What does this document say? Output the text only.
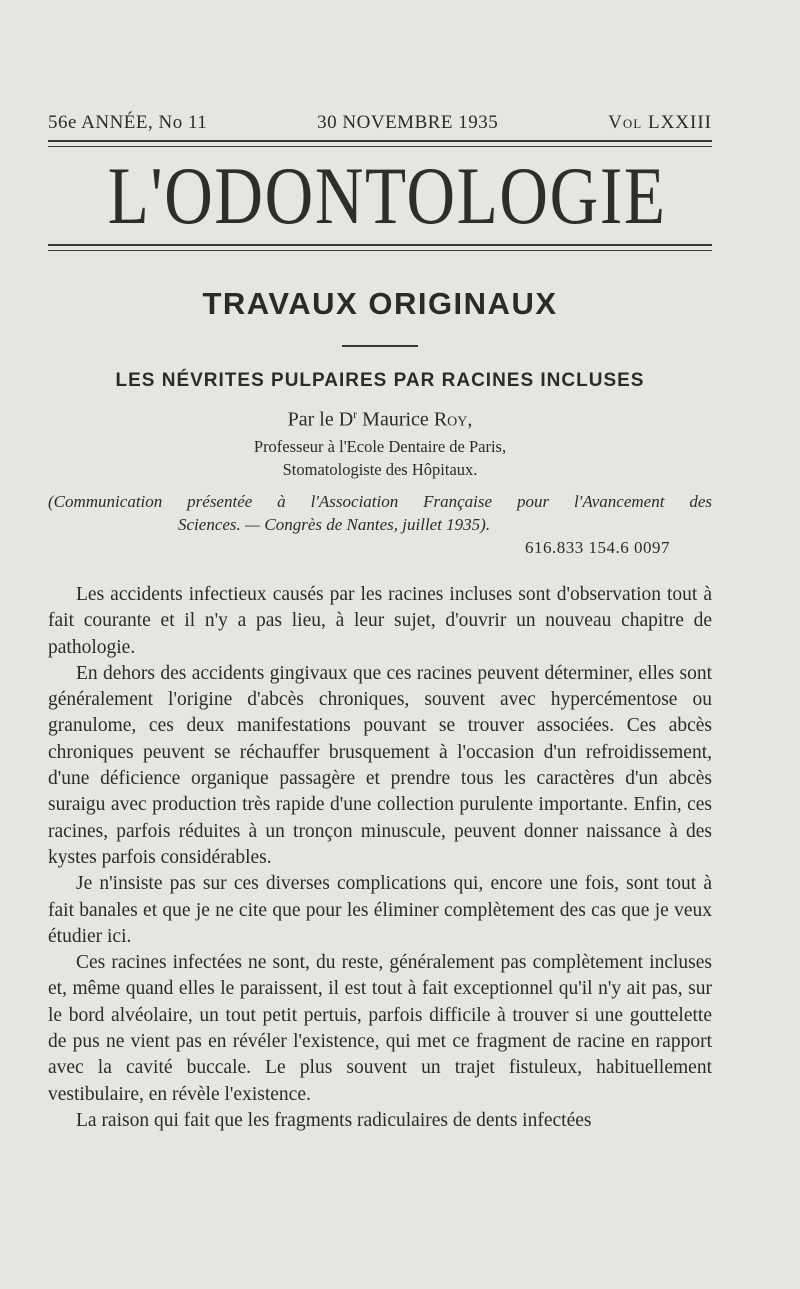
56e ANNÉE, No 11	30 NOVEMBRE 1935	Vol LXXIII
L'ODONTOLOGIE
TRAVAUX ORIGINAUX
LES NÉVRITES PULPAIRES PAR RACINES INCLUSES
Par le $D^r$ Maurice Roy,
Professeur à l'Ecole Dentaire de Paris,
Stomatologiste des Hôpitaux.
(Communication présentée à l'Association Française pour l'Avancement des
Sciences. — Congrès de Nantes, juillet 1935).
616.833 154.6 0097

Les accidents infectieux causés par les racines incluses sont d'observation tout à fait courante et il n'y a pas lieu, à leur sujet, d'ouvrir un nouveau chapitre de pathologie.

En dehors des accidents gingivaux que ces racines peuvent déterminer, elles sont généralement l'origine d'abcès chroniques, souvent avec hypercémentose ou granulome, ces deux manifestations pouvant se trouver associées. Ces abcès chroniques peuvent se réchauffer brusquement à l'occasion d'un refroidissement, d'une déficience organique passagère et prendre tous les caractères d'un abcès suraigu avec production très rapide d'une collection purulente importante. Enfin, ces racines, parfois réduites à un tronçon minuscule, peuvent donner naissance à des kystes parfois considérables.

Je n'insiste pas sur ces diverses complications qui, encore une fois, sont tout à fait banales et que je ne cite que pour les éliminer complètement des cas que je veux étudier ici.

Ces racines infectées ne sont, du reste, généralement pas complètement incluses et, même quand elles le paraissent, il est tout à fait exceptionnel qu'il n'y ait pas, sur le bord alvéolaire, un tout petit pertuis, parfois difficile à trouver si une gouttelette de pus ne vient pas en révéler l'existence, qui met ce fragment de racine en rapport avec la cavité buccale. Le plus souvent un trajet fistuleux, habituellement vestibulaire, en révèle l'existence.

La raison qui fait que les fragments radiculaires de dents infectées
